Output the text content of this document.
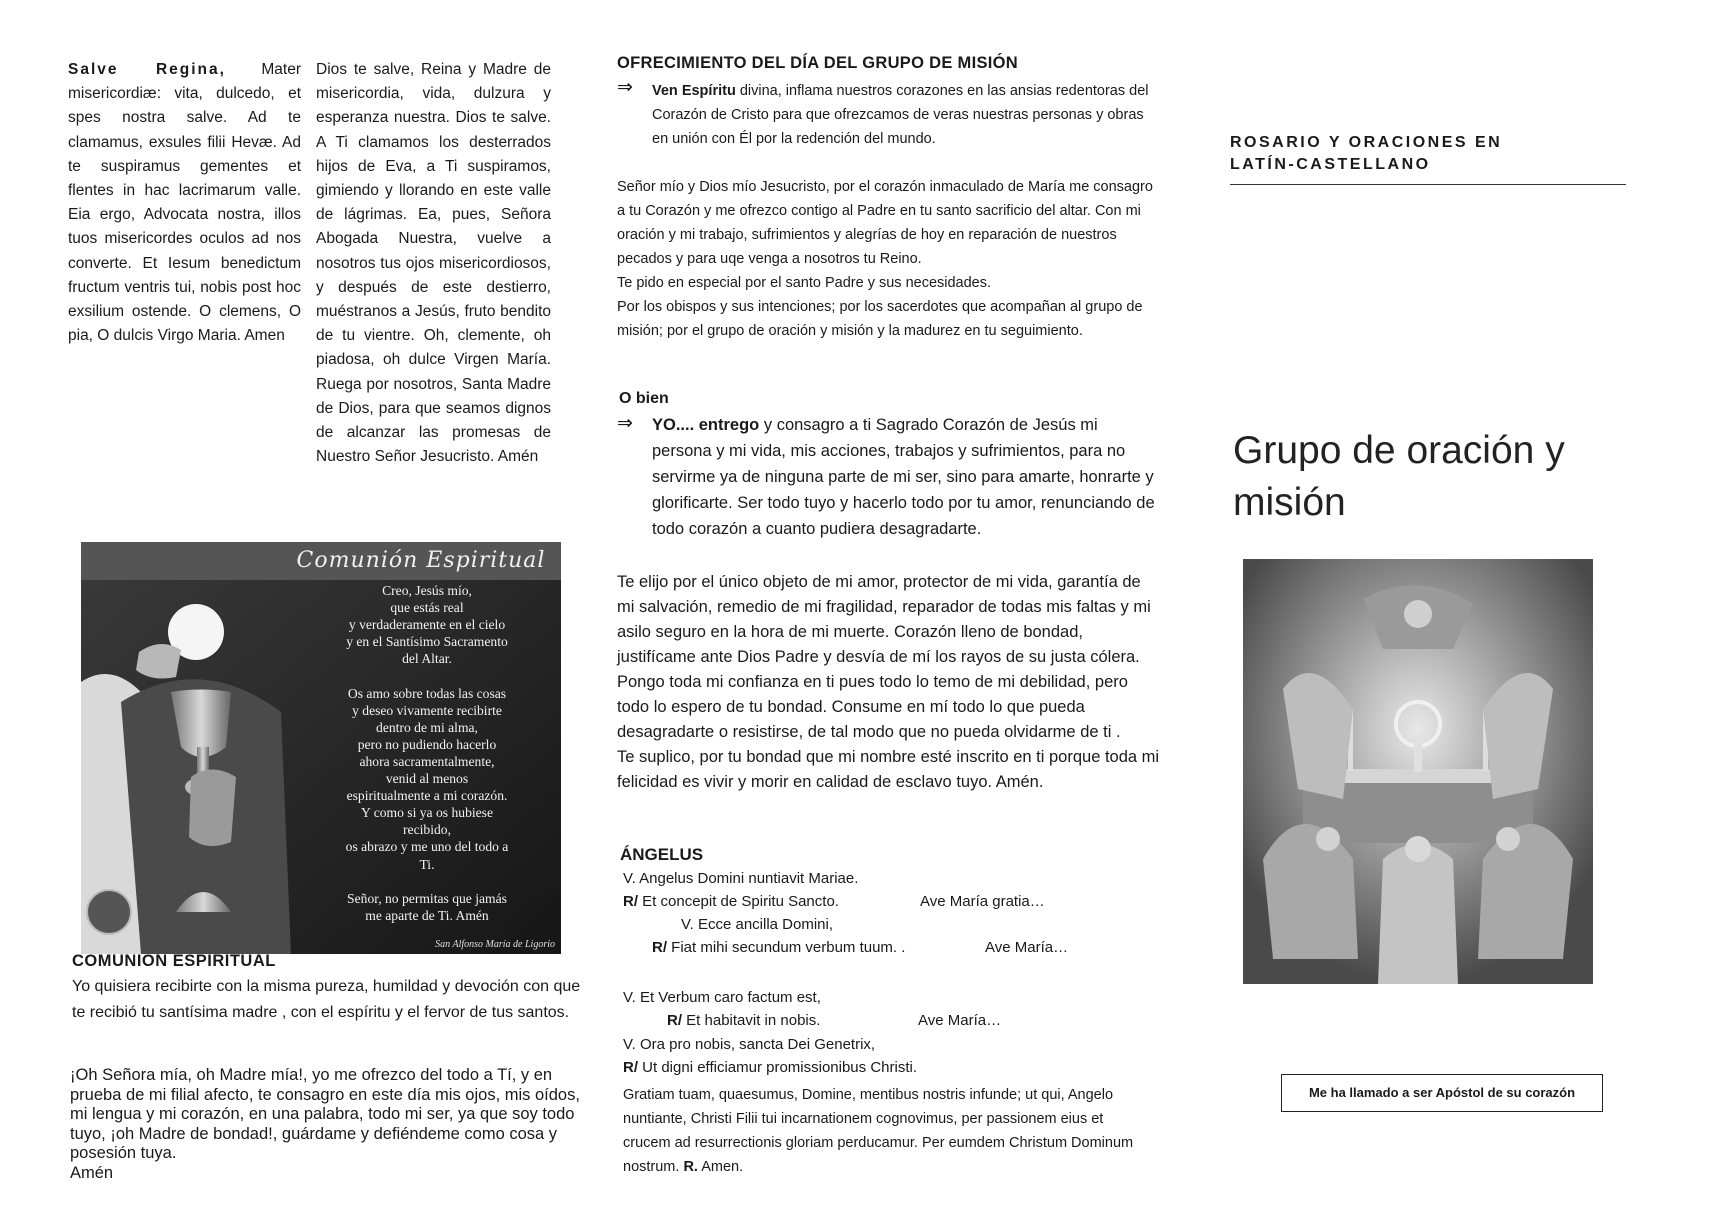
Salve Regina, Mater misericordiæ: vita, dulcedo, et spes nostra salve. Ad te clamamus, exsules filii Hevæ. Ad te suspiramus gementes et flentes in hac lacrimarum valle. Eia ergo, Advocata nostra, illos tuos misericordes oculos ad nos converte. Et Iesum benedictum fructum ventris tui, nobis post hoc exsilium ostende. O clemens, O pia, O dulcis Virgo Maria. Amen
Dios te salve, Reina y Madre de misericordia, vida, dulzura y esperanza nuestra. Dios te salve. A Ti clamamos los desterrados hijos de Eva, a Ti suspiramos, gimiendo y llorando en este valle de lágrimas. Ea, pues, Señora Abogada Nuestra, vuelve a nosotros tus ojos misericordiosos, y después de este destierro, muéstranos a Jesús, fruto bendito de tu vientre. Oh, clemente, oh piadosa, oh dulce Virgen María. Ruega por nosotros, Santa Madre de Dios, para que seamos dignos de alcanzar las promesas de Nuestro Señor Jesucristo. Amén
Comunión Espiritual
Creo, Jesús mío,
que estás real
y verdaderamente en el cielo
y en el Santísimo Sacramento
del Altar.

Os amo sobre todas las cosas
y deseo vivamente recibirte
dentro de mi alma,
pero no pudiendo hacerlo
ahora sacramentalmente,
venid al menos
espiritualmente a mi corazón.
Y como si ya os hubiese
recibido,
os abrazo y me uno del todo a
Ti.

Señor, no permitas que jamás
me aparte de Ti. Amén
San Alfonso María de Ligorio
COMUNION ESPIRITUAL
Yo quisiera recibirte con la misma pureza, humildad y devoción con que te recibió tu santísima madre , con el espíritu y el fervor de tus santos.

¡Oh Señora mía, oh Madre mía!, yo me ofrezco del todo a Tí, y en prueba de mi filial afecto, te consagro en este día mis ojos, mis oídos, mi lengua y mi corazón, en una palabra, todo mi ser, ya que soy todo tuyo, ¡oh Madre de bondad!, guárdame y defiéndeme como cosa y posesión tuya.

Amén

OFRECIMIENTO DEL DÍA DEL GRUPO DE MISIÓN
⇒ Ven Espíritu divina, inflama nuestros corazones en las ansias redentoras del Corazón de Cristo para que ofrezcamos de veras nuestras personas y obras en unión con Él por la redención del mundo.

Señor mío y Dios mío Jesucristo, por el corazón inmaculado de María me consagro a tu Corazón y me ofrezco contigo al Padre en tu santo sacrificio del altar. Con mi oración y mi trabajo, sufrimientos y alegrías de hoy en reparación de nuestros pecados y para uqe venga a nosotros tu Reino.

Te pido en especial por el santo Padre y sus necesidades.

Por los obispos y sus intenciones; por los sacerdotes que acompañan al grupo de misión; por el grupo de oración y misión y la madurez en tu seguimiento.

O bien
⇒ YO.... entrego y consagro a ti Sagrado Corazón de Jesús mi persona y mi vida, mis acciones, trabajos y sufrimientos, para no servirme ya de ninguna parte de mi ser, sino para amarte, honrarte y glorificarte. Ser todo tuyo y hacerlo todo por tu amor, renunciando de todo corazón a cuanto pudiera desagradarte.

Te elijo por el único objeto de mi amor, protector de mi vida, garantía de mi salvación, remedio de mi fragilidad, reparador de todas mis faltas y mi asilo seguro en la hora de mi muerte. Corazón lleno de bondad, justifícame ante Dios Padre y desvía de mí los rayos de su justa cólera.

Pongo toda mi confianza en ti pues todo lo temo de mi debilidad, pero todo lo espero de tu bondad. Consume en mí todo lo que pueda desagradarte o resistirse, de tal modo que no pueda olvidarme de ti .

Te suplico, por tu bondad que mi nombre esté inscrito en ti porque toda mi felicidad es vivir y morir en calidad de esclavo tuyo. Amén.

ÁNGELUS
V. Angelus Domini nuntiavit Mariae.
R/ Et concepit de Spiritu Sancto.	Ave María gratia…
V. Ecce ancilla Domini,
R/ Fiat mihi secundum verbum tuum. .	Ave María…
V. Et Verbum caro factum est,
R/ Et habitavit in nobis.	Ave María…
V. Ora pro nobis, sancta Dei Genetrix,
R/ Ut digni efficiamur promissionibus Christi.
Gratiam tuam, quaesumus, Domine, mentibus nostris infunde; ut qui, Angelo nuntiante, Christi Filii tui incarnationem cognovimus, per passionem eius et crucem ad resurrectionis gloriam perducamur. Per eumdem Christum Dominum nostrum. R. Amen.
ROSARIO Y ORACIONES EN
LATÍN-CASTELLANO
Grupo de oración y misión
Me ha llamado a ser Apóstol de su corazón
